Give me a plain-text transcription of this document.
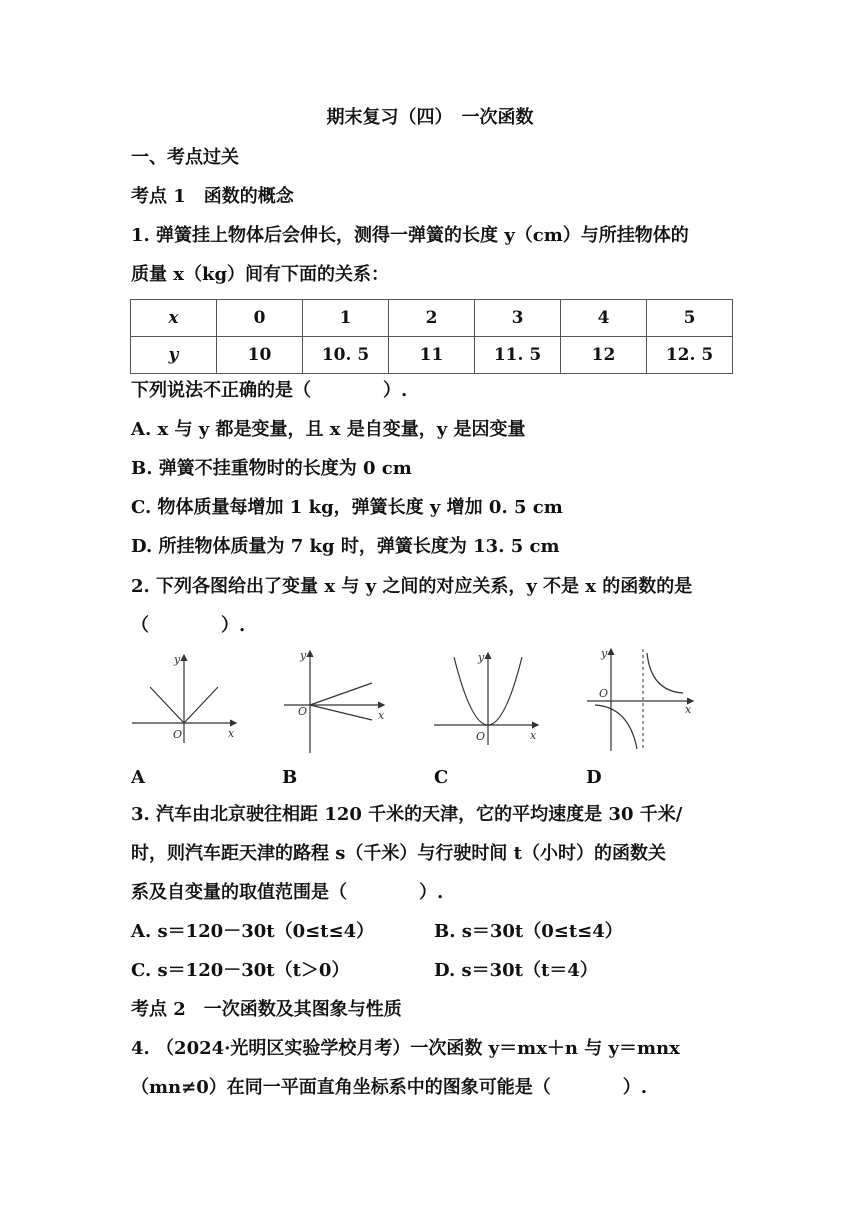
期末复习（四）　一次函数
一、考点过关
考点 1　函数的概念
1. 弹簧挂上物体后会伸长，测得一弹簧的长度 y（cm）与所挂物体的
质量 x（kg）间有下面的关系：
x	0	1	2	3	4	5
y	10	10. 5	11	11. 5	12	12. 5
下列说法不正确的是（　　　　）.
A. x 与 y 都是变量，且 x 是自变量，y 是因变量
B. 弹簧不挂重物时的长度为 0 cm
C. 物体质量每增加 1 kg，弹簧长度 y 增加 0. 5 cm
D. 所挂物体质量为 7 kg 时，弹簧长度为 13. 5 cm
2. 下列各图给出了变量 x 与 y 之间的对应关系，y 不是 x 的函数的是
（　　　　）.
y
x
O
y
x
O
y
x
O
y
x
O
A	B	C	D
3. 汽车由北京驶往相距 120 千米的天津，它的平均速度是 30 千米/
时，则汽车距天津的路程 s（千米）与行驶时间 t（小时）的函数关
系及自变量的取值范围是（　　　　）.
A. s＝120－30t（0≤t≤4）	B. s＝30t（0≤t≤4）
C. s＝120－30t（t＞0）	D. s＝30t（t＝4）
考点 2　一次函数及其图象与性质
4. （2024·光明区实验学校月考）一次函数 y＝mx＋n 与 y＝mnx
（mn≠0）在同一平面直角坐标系中的图象可能是（　　　　）.
